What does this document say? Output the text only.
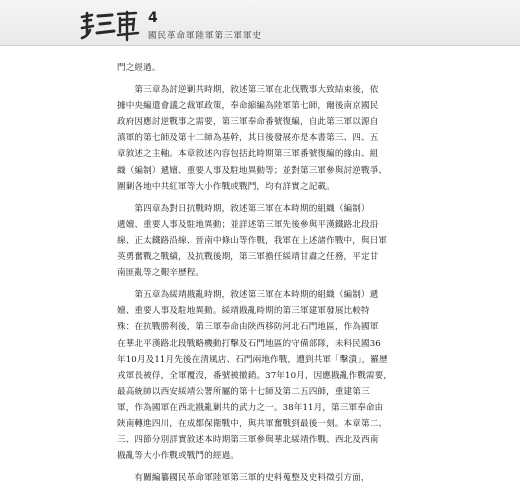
4
國民革命軍陸軍第三軍軍史

門之經過。

　　第三章為討逆剿共時期，敘述第三軍在北伐戰事大致結束後，依

據中央編遣會議之裁軍政策，奉命縮編為陸軍第七師，爾後南京國民

政府因應討逆戰事之需要，第三軍奉命番號復編，自此第三軍以源自

滇軍的第七師及第十二師為基幹，其日後發展亦是本書第三、四、五

章敘述之主軸。本章敘述內容包括此時期第三軍番號復編的緣由、組

織（編制）遞嬗、重要人事及駐地異動等；並對第三軍參與討逆戰爭、

圍剿各地中共紅軍等大小作戰或戰鬥，均有詳實之記載。

　　第四章為對日抗戰時期，敘述第三軍在本時期的組織（編制）

遞嬗、重要人事及駐地異動；並詳述第三軍先後參與平漢鐵路北段沿

線、正太鐵路沿線、晉南中條山等作戰，我軍在上述諸作戰中，與日軍

英勇奮戰之戰績，及抗戰後期，第三軍擔任綏靖甘肅之任務，平定甘

南匪亂等之艱辛歷程。

　　第五章為綏靖戡亂時期，敘述第三軍在本時期的組織（編制）遞

嬗、重要人事及駐地異動。綏靖戡亂時期的第三軍建軍發展比較特

殊：在抗戰勝利後，第三軍奉命由陝西移防河北石門地區，作為國軍

在華北平漢路北段戰略機動打擊及石門地區的守備部隊，未料民國36

年10月及11月先後在清風店、石門兩地作戰，遭到共軍「擊潰」，羅歷

戎軍長被俘，全軍覆沒，番號被撤銷。37年10月，因應戡亂作戰需要，

最高統帥以西安綏靖公署所屬的第十七師及第二五四師，重建第三

軍，作為國軍在西北戡亂剿共的武力之一。38年11月，第三軍奉命由

陝南轉進四川，在成都保衛戰中，與共軍奮戰到最後一刻。本章第二、

三、四節分別詳實敘述本時期第三軍參與華北綏靖作戰、西北及西南

戡亂等大小作戰或戰鬥的經過。

　　有關編纂國民革命軍陸軍第三軍的史料蒐整及史料徵引方面，
